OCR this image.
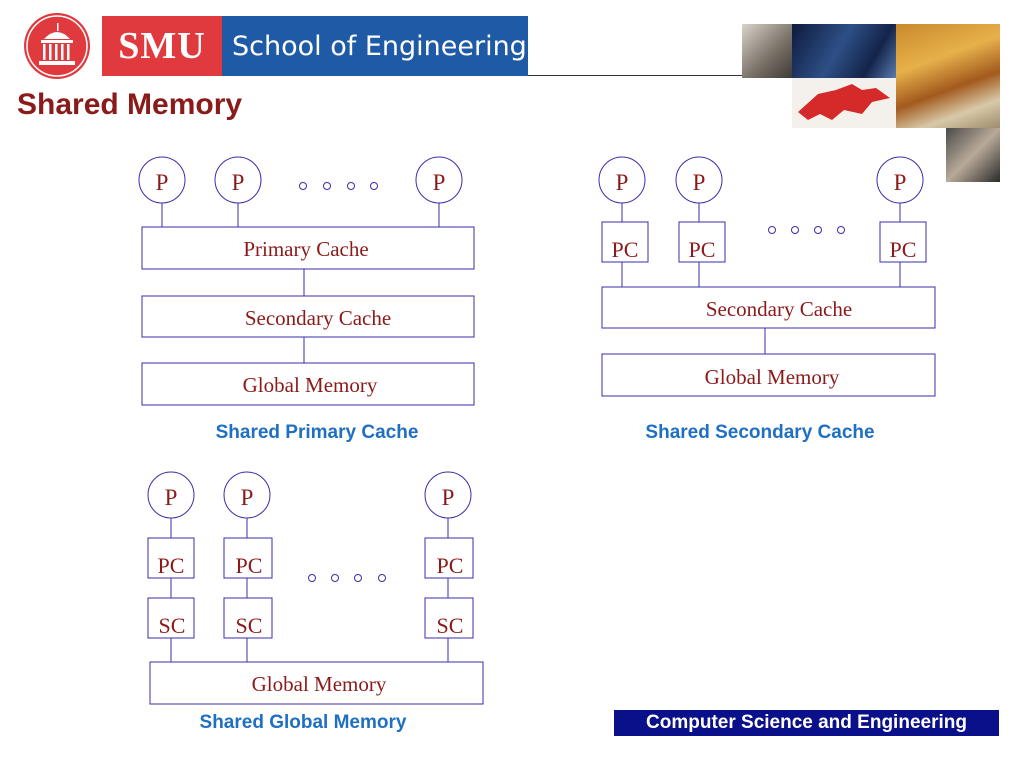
SMU School of Engineering
Shared Memory
P	P	P
Primary Cache
Secondary Cache
Global Memory
P	P	P
PC PC	PC
Secondary Cache
Global Memory
P	P	P
PC PC	PC
SC SC	SC
Global Memory
Shared Primary Cache	Shared Secondary Cache
Shared Global Memory	Computer Science and Engineering
